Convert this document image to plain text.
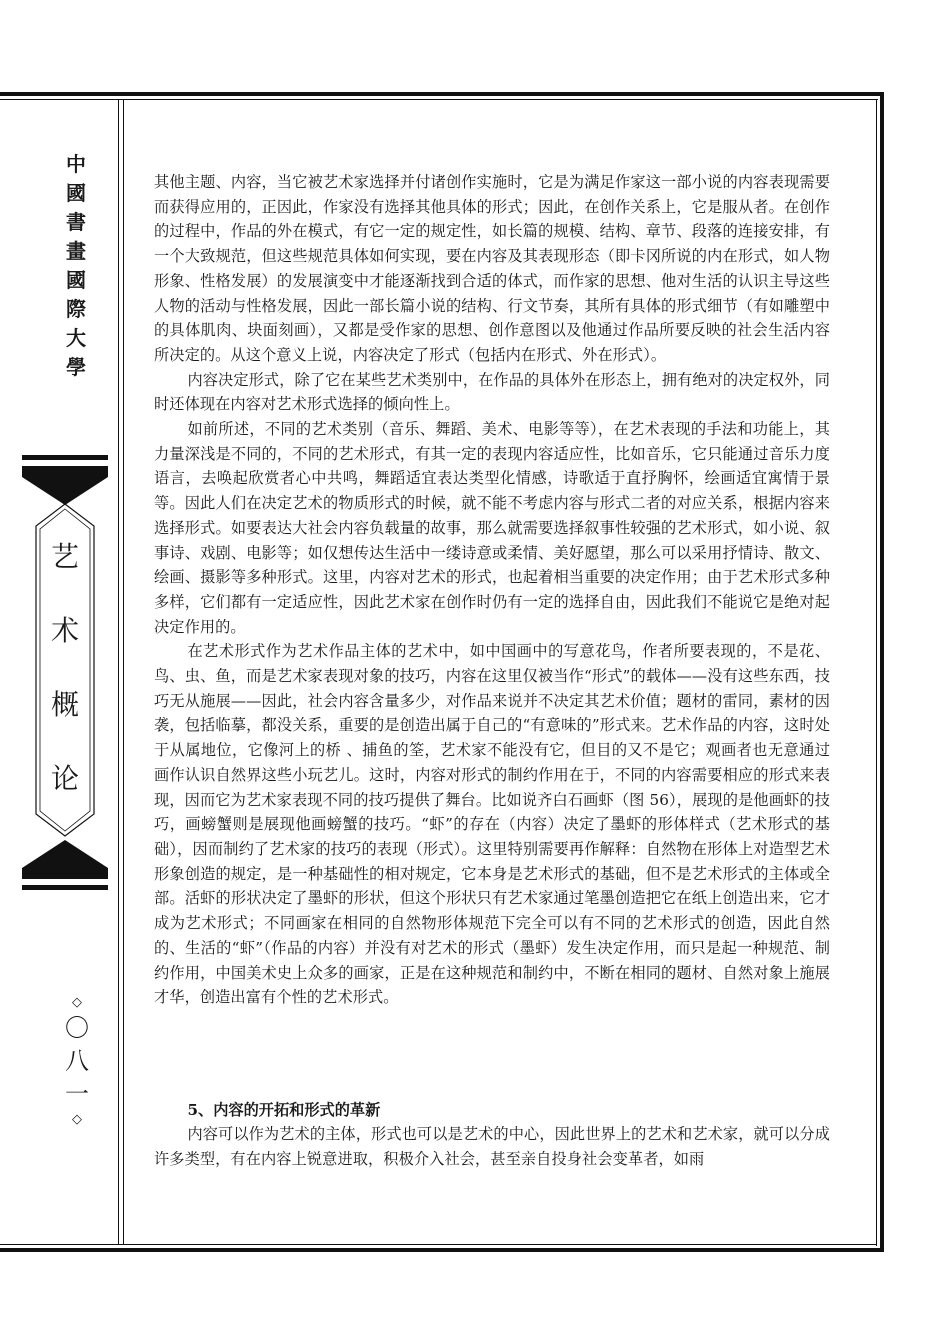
中
國
書
畫
國
際
大
學
艺
术
概
论
◇
〇
八
一
◇

其他主题、内容，当它被艺术家选择并付诸创作实施时，它是为满足作家这一部小说的内容表现需要而获得应用的，正因此，作家没有选择其他具体的形式；因此，在创作关系上，它是服从者。在创作的过程中，作品的外在模式，有它一定的规定性，如长篇的规模、结构、章节、段落的连接安排，有一个大致规范，但这些规范具体如何实现，要在内容及其表现形态（即卡冈所说的内在形式，如人物形象、性格发展）的发展演变中才能逐渐找到合适的体式，而作家的思想、他对生活的认识主导这些人物的活动与性格发展，因此一部长篇小说的结构、行文节奏，其所有具体的形式细节（有如雕塑中的具体肌肉、块面刻画），又都是受作家的思想、创作意图以及他通过作品所要反映的社会生活内容所决定的。从这个意义上说，内容决定了形式（包括内在形式、外在形式）。

内容决定形式，除了它在某些艺术类别中，在作品的具体外在形态上，拥有绝对的决定权外，同时还体现在内容对艺术形式选择的倾向性上。

如前所述，不同的艺术类别（音乐、舞蹈、美术、电影等等），在艺术表现的手法和功能上，其力量深浅是不同的，不同的艺术形式，有其一定的表现内容适应性，比如音乐，它只能通过音乐力度语言，去唤起欣赏者心中共鸣，舞蹈适宜表达类型化情感，诗歌适于直抒胸怀，绘画适宜寓情于景等。因此人们在决定艺术的物质形式的时候，就不能不考虑内容与形式二者的对应关系，根据内容来选择形式。如要表达大社会内容负载量的故事，那么就需要选择叙事性较强的艺术形式，如小说、叙事诗、戏剧、电影等；如仅想传达生活中一缕诗意或柔情、美好愿望，那么可以采用抒情诗、散文、绘画、摄影等多种形式。这里，内容对艺术的形式，也起着相当重要的决定作用；由于艺术形式多种多样，它们都有一定适应性，因此艺术家在创作时仍有一定的选择自由，因此我们不能说它是绝对起决定作用的。

在艺术形式作为艺术作品主体的艺术中，如中国画中的写意花鸟，作者所要表现的，不是花、鸟、虫、鱼，而是艺术家表现对象的技巧，内容在这里仅被当作“形式”的载体——没有这些东西，技巧无从施展——因此，社会内容含量多少，对作品来说并不决定其艺术价值；题材的雷同，素材的因袭，包括临摹，都没关系，重要的是创造出属于自己的“有意味的”形式来。艺术作品的内容，这时处于从属地位，它像河上的桥 、捕鱼的筌，艺术家不能没有它，但目的又不是它；观画者也无意通过画作认识自然界这些小玩艺儿。这时，内容对形式的制约作用在于，不同的内容需要相应的形式来表现，因而它为艺术家表现不同的技巧提供了舞台。比如说齐白石画虾（图 56），展现的是他画虾的技巧，画螃蟹则是展现他画螃蟹的技巧。“虾”的存在（内容）决定了墨虾的形体样式（艺术形式的基础），因而制约了艺术家的技巧的表现（形式）。这里特别需要再作解释：自然物在形体上对造型艺术形象创造的规定，是一种基础性的相对规定，它本身是艺术形式的基础，但不是艺术形式的主体或全部。活虾的形状决定了墨虾的形状，但这个形状只有艺术家通过笔墨创造把它在纸上创造出来，它才成为艺术形式；不同画家在相同的自然物形体规范下完全可以有不同的艺术形式的创造，因此自然的、生活的“虾”（作品的内容）并没有对艺术的形式（墨虾）发生决定作用，而只是起一种规范、制约作用，中国美术史上众多的画家，正是在这种规范和制约中，不断在相同的题材、自然对象上施展才华，创造出富有个性的艺术形式。

5、内容的开拓和形式的革新

内容可以作为艺术的主体，形式也可以是艺术的中心，因此世界上的艺术和艺术家，就可以分成许多类型，有在内容上锐意进取，积极介入社会，甚至亲自投身社会变革者，如雨
